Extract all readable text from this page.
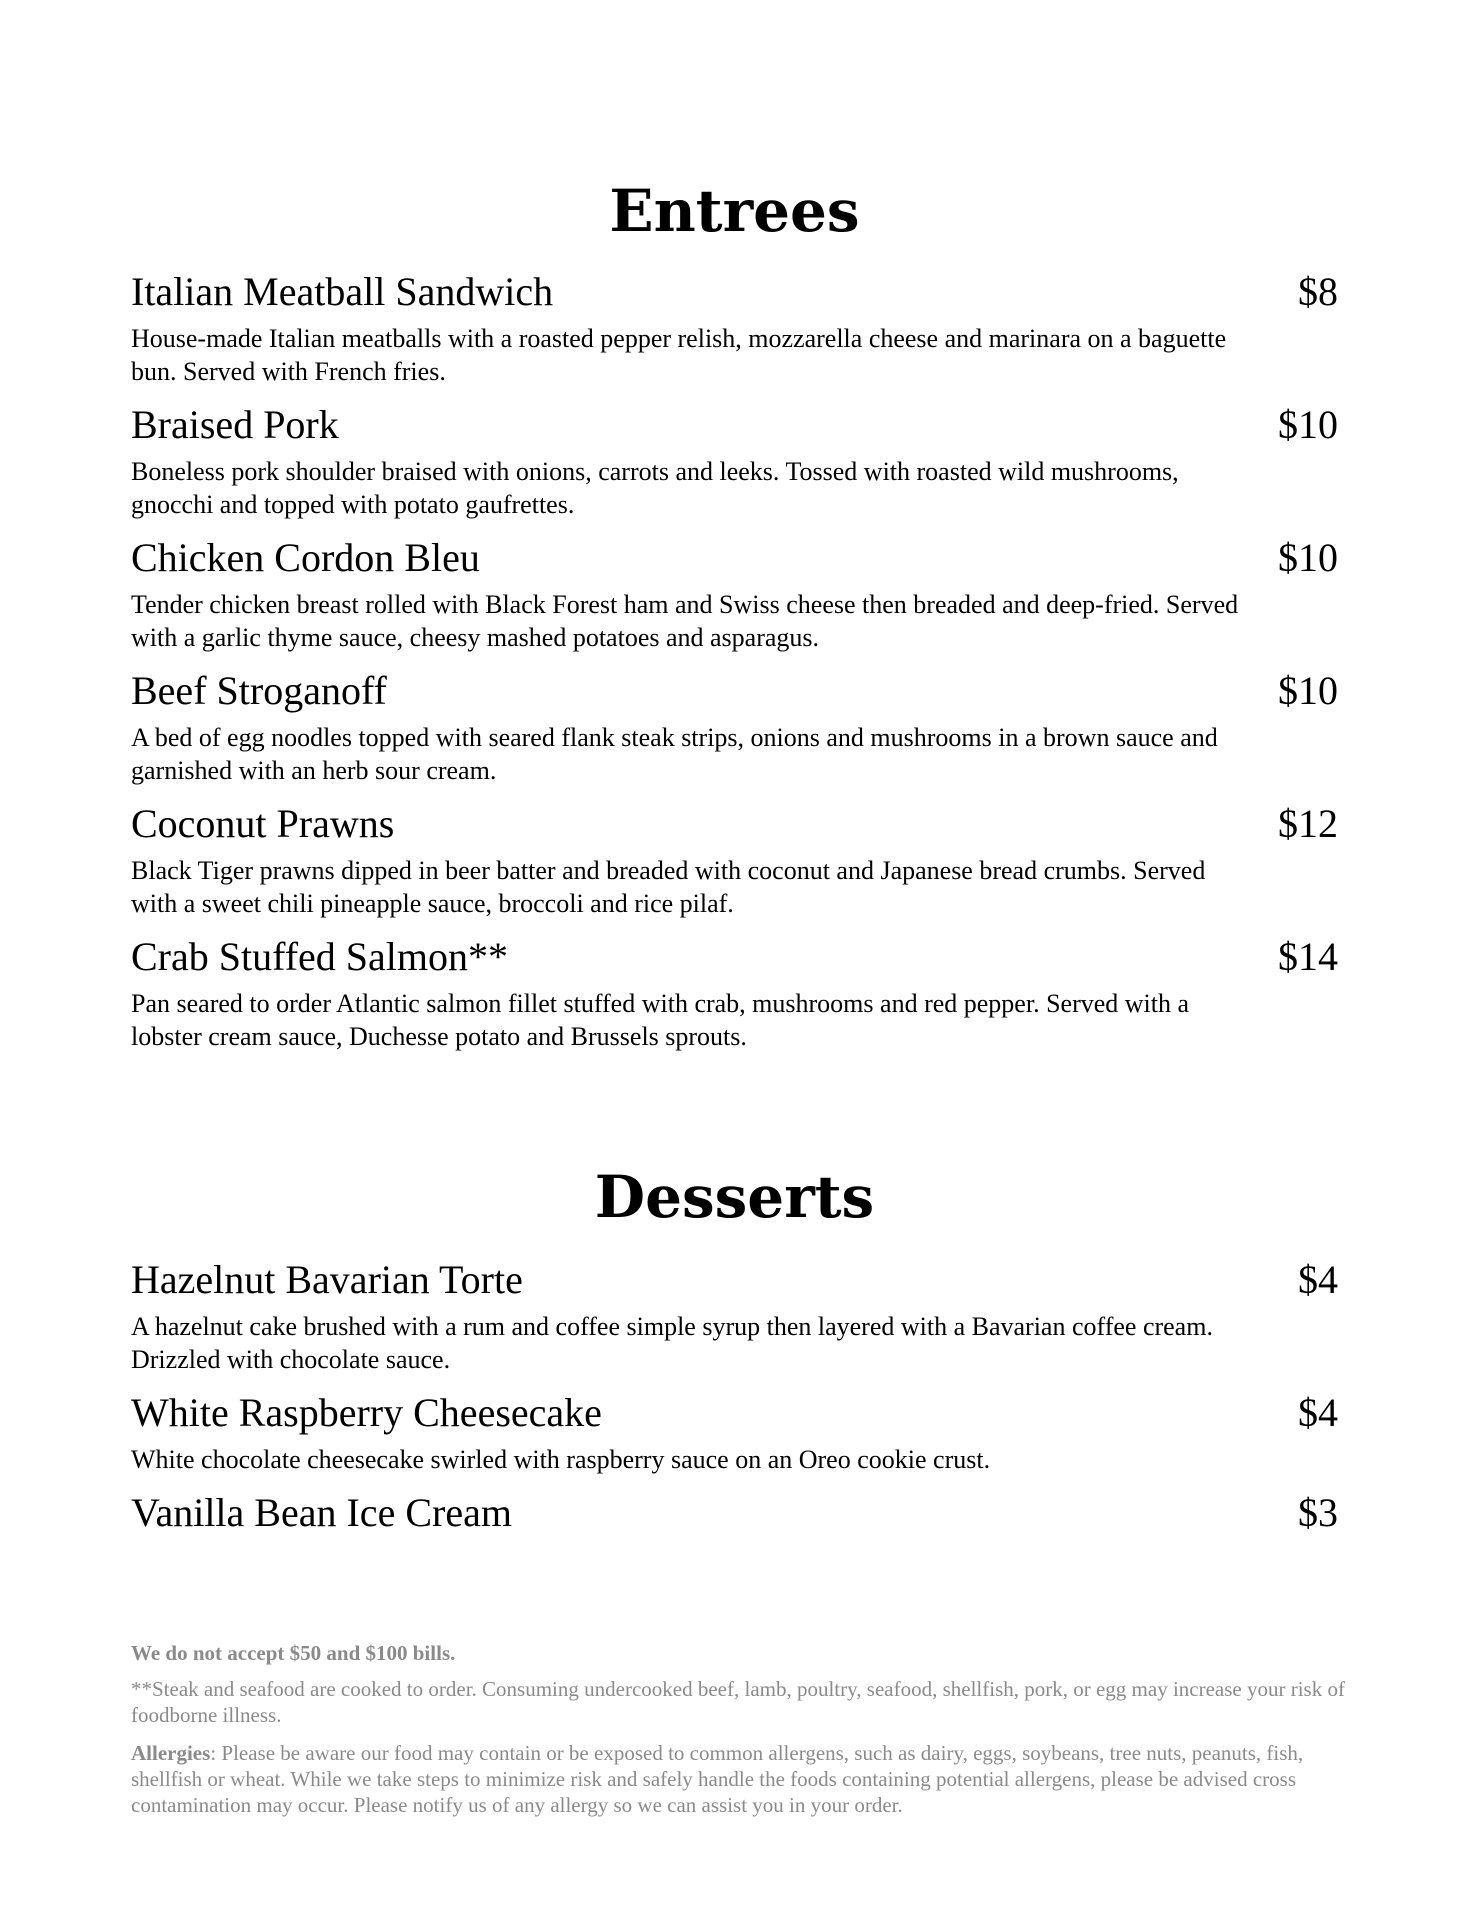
Entrees
Italian Meatball Sandwich	$8
House-made Italian meatballs with a roasted pepper relish, mozzarella cheese and marinara on a baguette bun. Served with French fries.
Braised Pork	$10
Boneless pork shoulder braised with onions, carrots and leeks. Tossed with roasted wild mushrooms, gnocchi and topped with potato gaufrettes.
Chicken Cordon Bleu	$10
Tender chicken breast rolled with Black Forest ham and Swiss cheese then breaded and deep-fried. Served with a garlic thyme sauce, cheesy mashed potatoes and asparagus.
Beef Stroganoff	$10
A bed of egg noodles topped with seared flank steak strips, onions and mushrooms in a brown sauce and garnished with an herb sour cream.
Coconut Prawns	$12
Black Tiger prawns dipped in beer batter and breaded with coconut and Japanese bread crumbs. Served with a sweet chili pineapple sauce, broccoli and rice pilaf.
Crab Stuffed Salmon**	$14
Pan seared to order Atlantic salmon fillet stuffed with crab, mushrooms and red pepper. Served with a lobster cream sauce, Duchesse potato and Brussels sprouts.
Desserts
Hazelnut Bavarian Torte	$4
A hazelnut cake brushed with a rum and coffee simple syrup then layered with a Bavarian coffee cream. Drizzled with chocolate sauce.
White Raspberry Cheesecake	$4
White chocolate cheesecake swirled with raspberry sauce on an Oreo cookie crust.
Vanilla Bean Ice Cream	$3
We do not accept $50 and $100 bills.
**Steak and seafood are cooked to order. Consuming undercooked beef, lamb, poultry, seafood, shellfish, pork, or egg may increase your risk of foodborne illness.
Allergies: Please be aware our food may contain or be exposed to common allergens, such as dairy, eggs, soybeans, tree nuts, peanuts, fish, shellfish or wheat. While we take steps to minimize risk and safely handle the foods containing potential allergens, please be advised cross contamination may occur. Please notify us of any allergy so we can assist you in your order.
